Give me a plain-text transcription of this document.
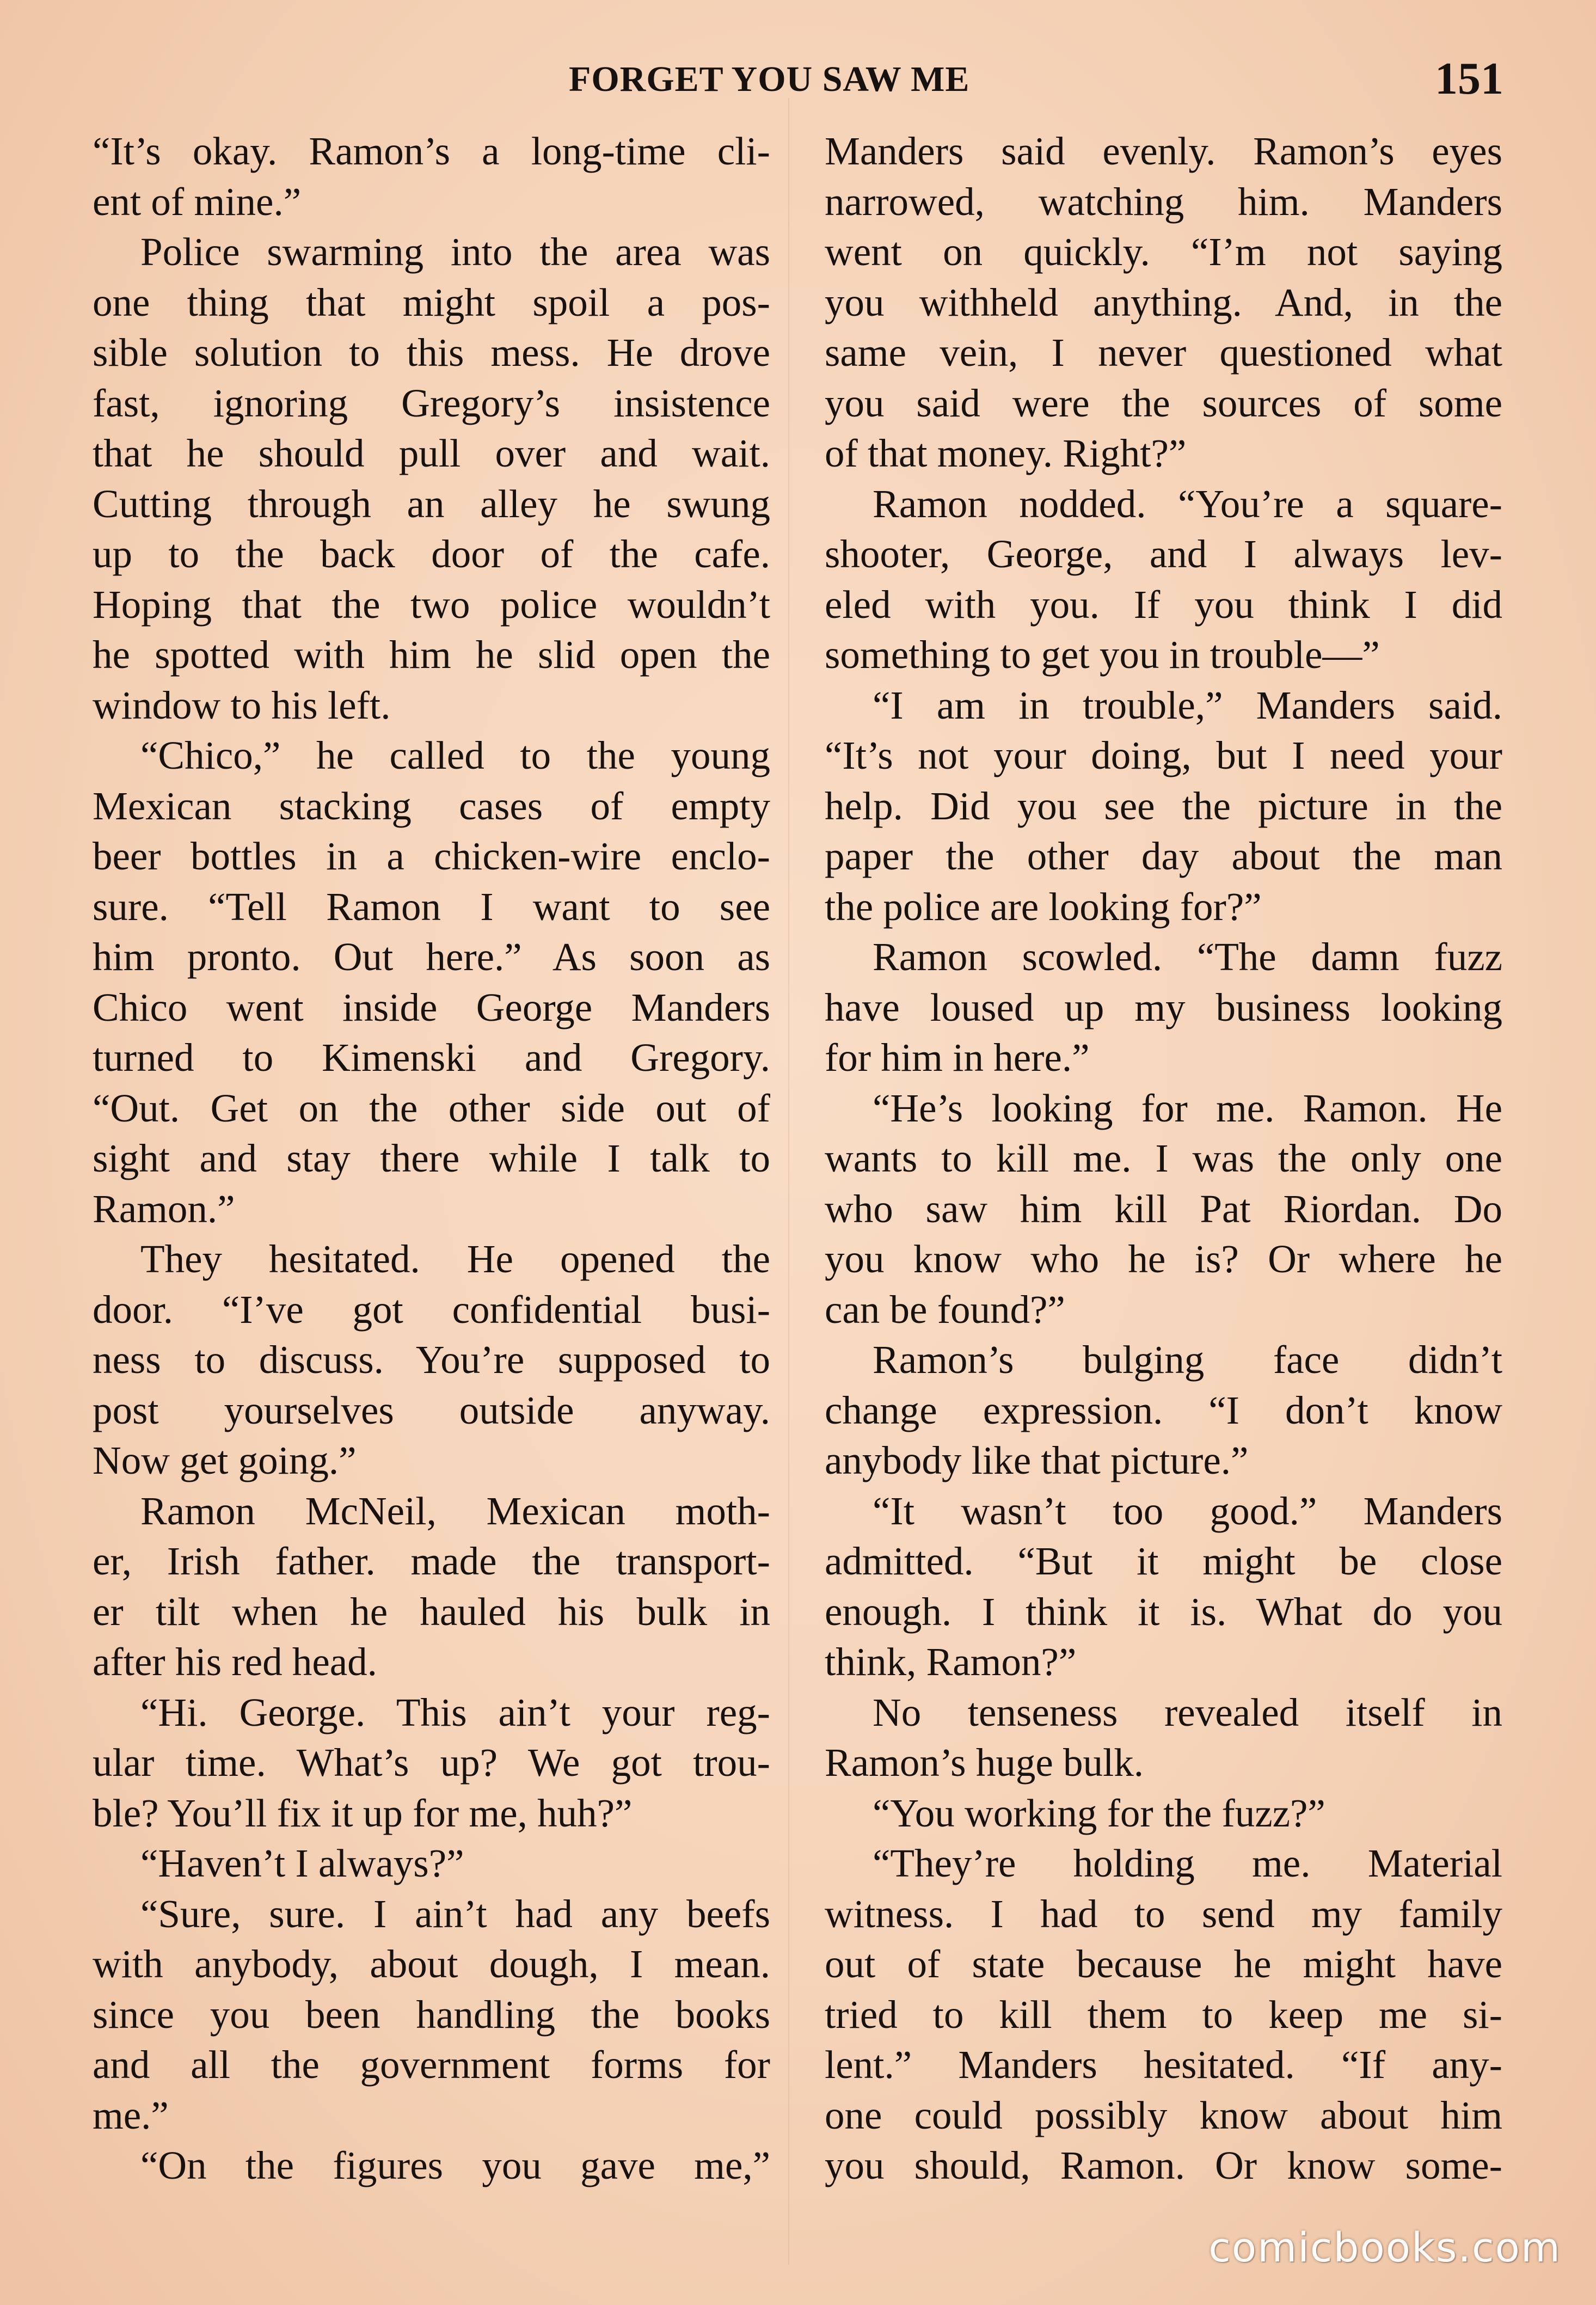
FORGET YOU SAW ME	151
“It’s okay. Ramon’s a long-time cli-
ent of mine.”
Police swarming into the area was
one thing that might spoil a pos-
sible solution to this mess. He drove
fast, ignoring Gregory’s insistence
that he should pull over and wait.
Cutting through an alley he swung
up to the back door of the cafe.
Hoping that the two police wouldn’t
he spotted with him he slid open the
window to his left.
“Chico,” he called to the young
Mexican stacking cases of empty
beer bottles in a chicken-wire enclo-
sure. “Tell Ramon I want to see
him pronto. Out here.” As soon as
Chico went inside George Manders
turned to Kimenski and Gregory.
“Out. Get on the other side out of
sight and stay there while I talk to
Ramon.”
They hesitated. He opened the
door. “I’ve got confidential busi-
ness to discuss. You’re supposed to
post yourselves outside anyway.
Now get going.”
Ramon McNeil, Mexican moth-
er, Irish father. made the transport-
er tilt when he hauled his bulk in
after his red head.
“Hi. George. This ain’t your reg-
ular time. What’s up? We got trou-
ble? You’ll fix it up for me, huh?”
“Haven’t I always?”
“Sure, sure. I ain’t had any beefs
with anybody, about dough, I mean.
since you been handling the books
and all the government forms for
me.”
“On the figures you gave me,”
Manders said evenly. Ramon’s eyes
narrowed, watching him. Manders
went on quickly. “I’m not saying
you withheld anything. And, in the
same vein, I never questioned what
you said were the sources of some
of that money. Right?”
Ramon nodded. “You’re a square-
shooter, George, and I always lev-
eled with you. If you think I did
something to get you in trouble—”
“I am in trouble,” Manders said.
“It’s not your doing, but I need your
help. Did you see the picture in the
paper the other day about the man
the police are looking for?”
Ramon scowled. “The damn fuzz
have loused up my business looking
for him in here.”
“He’s looking for me. Ramon. He
wants to kill me. I was the only one
who saw him kill Pat Riordan. Do
you know who he is? Or where he
can be found?”
Ramon’s bulging face didn’t
change expression. “I don’t know
anybody like that picture.”
“It wasn’t too good.” Manders
admitted. “But it might be close
enough. I think it is. What do you
think, Ramon?”
No tenseness revealed itself in
Ramon’s huge bulk.
“You working for the fuzz?”
“They’re holding me. Material
witness. I had to send my family
out of state because he might have
tried to kill them to keep me si-
lent.” Manders hesitated. “If any-
one could possibly know about him
you should, Ramon. Or know some-
comicbooks.com
